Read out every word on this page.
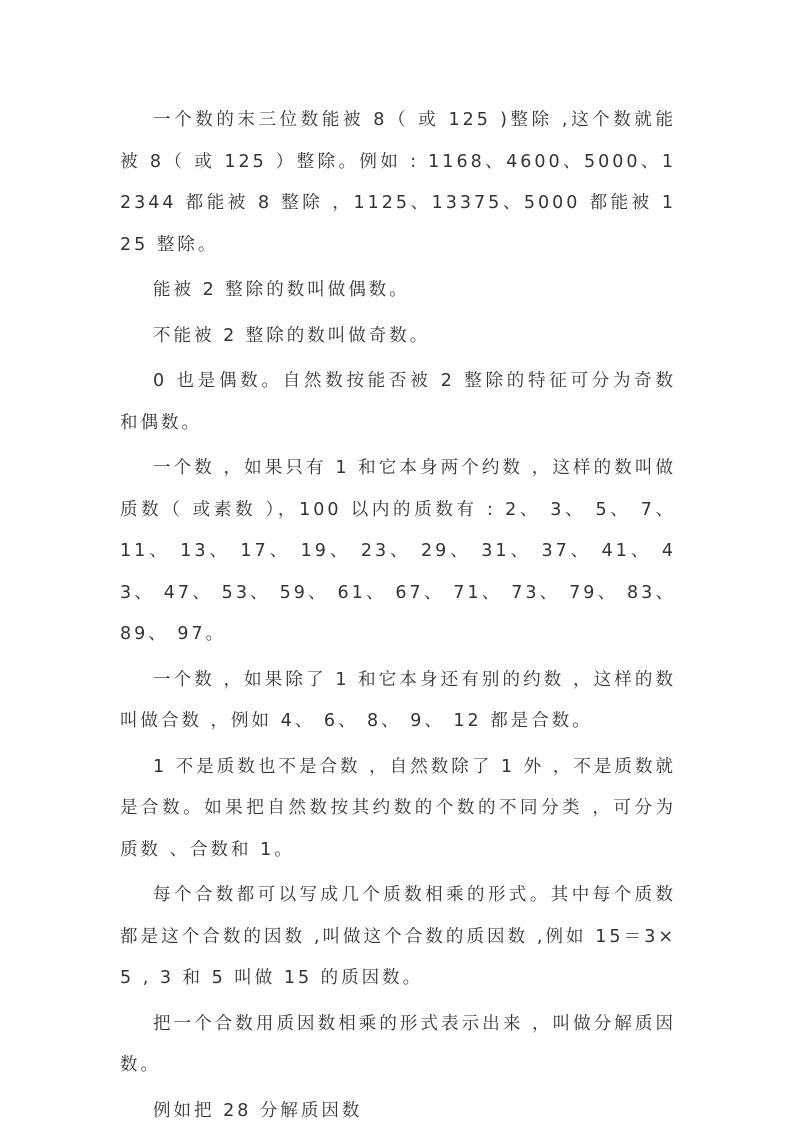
一个数的末三位数能被 8（ 或 125 )整除 ,这个数就能被 8（ 或 125 ）整除。例如 : 1168、4600、5000、12344 都能被 8 整除 ，1125、13375、5000 都能被 125 整除。

能被 2 整除的数叫做偶数。

不能被 2 整除的数叫做奇数。

0 也是偶数。自然数按能否被 2 整除的特征可分为奇数和偶数。

一个数 ，如果只有 1 和它本身两个约数 ，这样的数叫做质数（ 或素数 ），100 以内的质数有 : 2、 3、 5、 7、 11、 13、 17、 19、 23、 29、 31、 37、 41、 43、 47、 53、 59、 61、 67、 71、 73、 79、 83、 89、 97。

一个数 ，如果除了 1 和它本身还有别的约数 ，这样的数叫做合数 ，例如 4、 6、 8、 9、 12 都是合数。

1 不是质数也不是合数 ，自然数除了 1 外 ，不是质数就是合数。如果把自然数按其约数的个数的不同分类 ，可分为质数 、合数和 1。

每个合数都可以写成几个质数相乘的形式。其中每个质数都是这个合数的因数 ,叫做这个合数的质因数 ,例如 15＝3×5 , 3 和 5 叫做 15 的质因数。

把一个合数用质因数相乘的形式表示出来 ，叫做分解质因数。

例如把 28 分解质因数
